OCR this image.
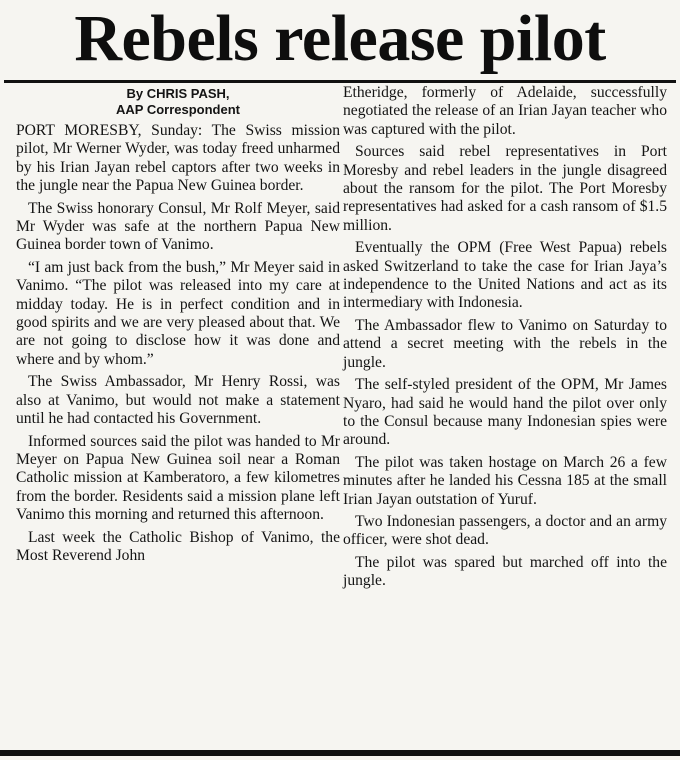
Rebels release pilot
By CHRIS PASH,
AAP Correspondent

PORT MORESBY, Sunday: The Swiss mission pilot, Mr Werner Wyder, was today freed unharmed by his Irian Jayan rebel captors after two weeks in the jungle near the Papua New Guinea border.

The Swiss honorary Consul, Mr Rolf Meyer, said Mr Wyder was safe at the northern Papua New Guinea border town of Vanimo.

“I am just back from the bush,” Mr Meyer said in Vanimo. “The pilot was released into my care at midday today. He is in perfect condition and in good spirits and we are very pleased about that. We are not going to disclose how it was done and where and by whom.”

The Swiss Ambassador, Mr Henry Rossi, was also at Vanimo, but would not make a statement until he had contacted his Government.

Informed sources said the pilot was handed to Mr Meyer on Papua New Guinea soil near a Roman Catholic mission at Kamberatoro, a few kilometres from the border. Residents said a mission plane left Vanimo this morning and returned this afternoon.

Last week the Catholic Bishop of Vanimo, the Most Reverend John

Etheridge, formerly of Adelaide, successfully negotiated the release of an Irian Jayan teacher who was captured with the pilot.

Sources said rebel representatives in Port Moresby and rebel leaders in the jungle disagreed about the ransom for the pilot. The Port Moresby representatives had asked for a cash ransom of $1.5 million.

Eventually the OPM (Free West Papua) rebels asked Switzerland to take the case for Irian Jaya’s independence to the United Nations and act as its intermediary with Indonesia.

The Ambassador flew to Vanimo on Saturday to attend a secret meeting with the rebels in the jungle.

The self-styled president of the OPM, Mr James Nyaro, had said he would hand the pilot over only to the Consul because many Indonesian spies were around.

The pilot was taken hostage on March 26 a few minutes after he landed his Cessna 185 at the small Irian Jayan outstation of Yuruf.

Two Indonesian passengers, a doctor and an army officer, were shot dead.

The pilot was spared but marched off into the jungle.
